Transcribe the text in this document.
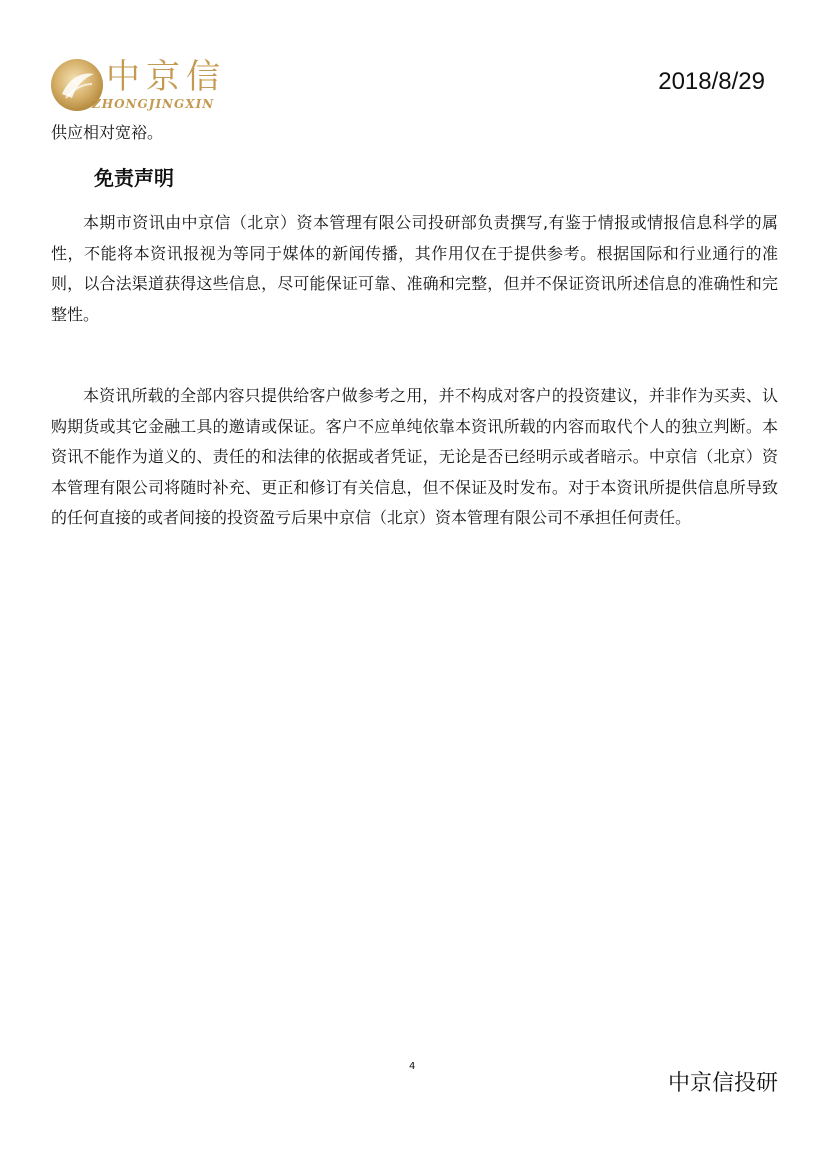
中京信
ZHONGJINGXIN
2018/8/29
供应相对宽裕。
免责声明
本期市资讯由中京信（北京）资本管理有限公司投研部负责撰写,有鉴于情报或情报信息科学的属性，不能将本资讯报视为等同于媒体的新闻传播，其作用仅在于提供参考。根据国际和行业通行的准则，以合法渠道获得这些信息，尽可能保证可靠、准确和完整，但并不保证资讯所述信息的准确性和完整性。
本资讯所载的全部内容只提供给客户做参考之用，并不构成对客户的投资建议，并非作为买卖、认购期货或其它金融工具的邀请或保证。客户不应单纯依靠本资讯所载的内容而取代个人的独立判断。本资讯不能作为道义的、责任的和法律的依据或者凭证，无论是否已经明示或者暗示。中京信（北京）资本管理有限公司将随时补充、更正和修订有关信息，但不保证及时发布。对于本资讯所提供信息所导致的任何直接的或者间接的投资盈亏后果中京信（北京）资本管理有限公司不承担任何责任。
4
中京信投研
